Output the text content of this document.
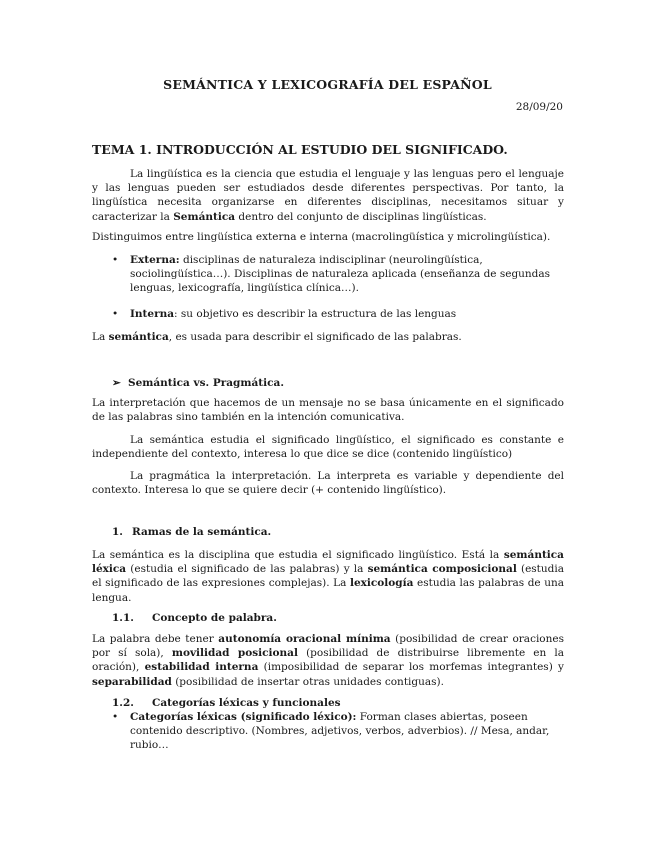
SEMÁNTICA Y LEXICOGRAFÍA DEL ESPAÑOL

28/09/20

TEMA 1. INTRODUCCIÓN AL ESTUDIO DEL SIGNIFICADO.

La lingüística es la ciencia que estudia el lenguaje y las lenguas pero el lenguaje y las lenguas pueden ser estudiados desde diferentes perspectivas. Por tanto, la lingüística necesita organizarse en diferentes disciplinas, necesitamos situar y caracterizar la Semántica dentro del conjunto de disciplinas lingüísticas.

Distinguimos entre lingüística externa e interna (macrolingüística y microlingüística).

• Externa: disciplinas de naturaleza indisciplinar (neurolingüística, sociolingüística…). Disciplinas de naturaleza aplicada (enseñanza de segundas lenguas, lexicografía, lingüística clínica…).
• Interna: su objetivo es describir la estructura de las lenguas

La semántica, es usada para describir el significado de las palabras.

➢ Semántica vs. Pragmática.

La interpretación que hacemos de un mensaje no se basa únicamente en el significado de las palabras sino también en la intención comunicativa.

La semántica estudia el significado lingüístico, el significado es constante e independiente del contexto, interesa lo que dice se dice (contenido lingüístico)

La pragmática la interpretación. La interpreta es variable y dependiente del contexto. Interesa lo que se quiere decir (+ contenido lingüístico).

1. Ramas de la semántica.

La semántica es la disciplina que estudia el significado lingüístico. Está la semántica léxica (estudia el significado de las palabras) y la semántica composicional (estudia el significado de las expresiones complejas). La lexicología estudia las palabras de una lengua.

1.1. Concepto de palabra.

La palabra debe tener autonomía oracional mínima (posibilidad de crear oraciones por sí sola), movilidad posicional (posibilidad de distribuirse libremente en la oración), estabilidad interna (imposibilidad de separar los morfemas integrantes) y separabilidad (posibilidad de insertar otras unidades contiguas).

1.2. Categorías léxicas y funcionales

• Categorías léxicas (significado léxico): Forman clases abiertas, poseen contenido descriptivo. (Nombres, adjetivos, verbos, adverbios). // Mesa, andar, rubio…
